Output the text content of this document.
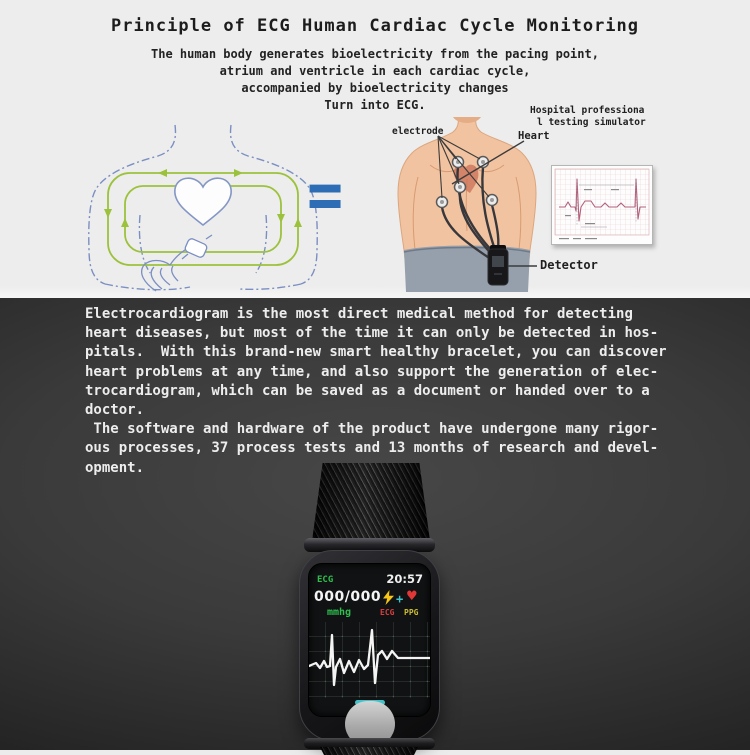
Principle of ECG Human Cardiac Cycle Monitoring
The human body generates bioelectricity from the pacing point,
atrium and ventricle in each cardiac cycle,
accompanied by bioelectricity changes
Turn into ECG.
=
electrode
Hospital professiona
l testing simulator
Heart
Detector
Electrocardiogram is the most direct medical method for detecting
heart diseases, but most of the time it can only be detected in hos-
pitals.  With this brand-new smart healthy bracelet, you can discover
heart problems at any time, and also support the generation of elec-
trocardiogram, which can be saved as a document or handed over to a
doctor.
The software and hardware of the product have undergone many rigor-
ous processes, 37 process tests and 13 months of research and devel-
opment.
ECG	20:57
000/000
mmhg
+ ♥
ECG PPG
